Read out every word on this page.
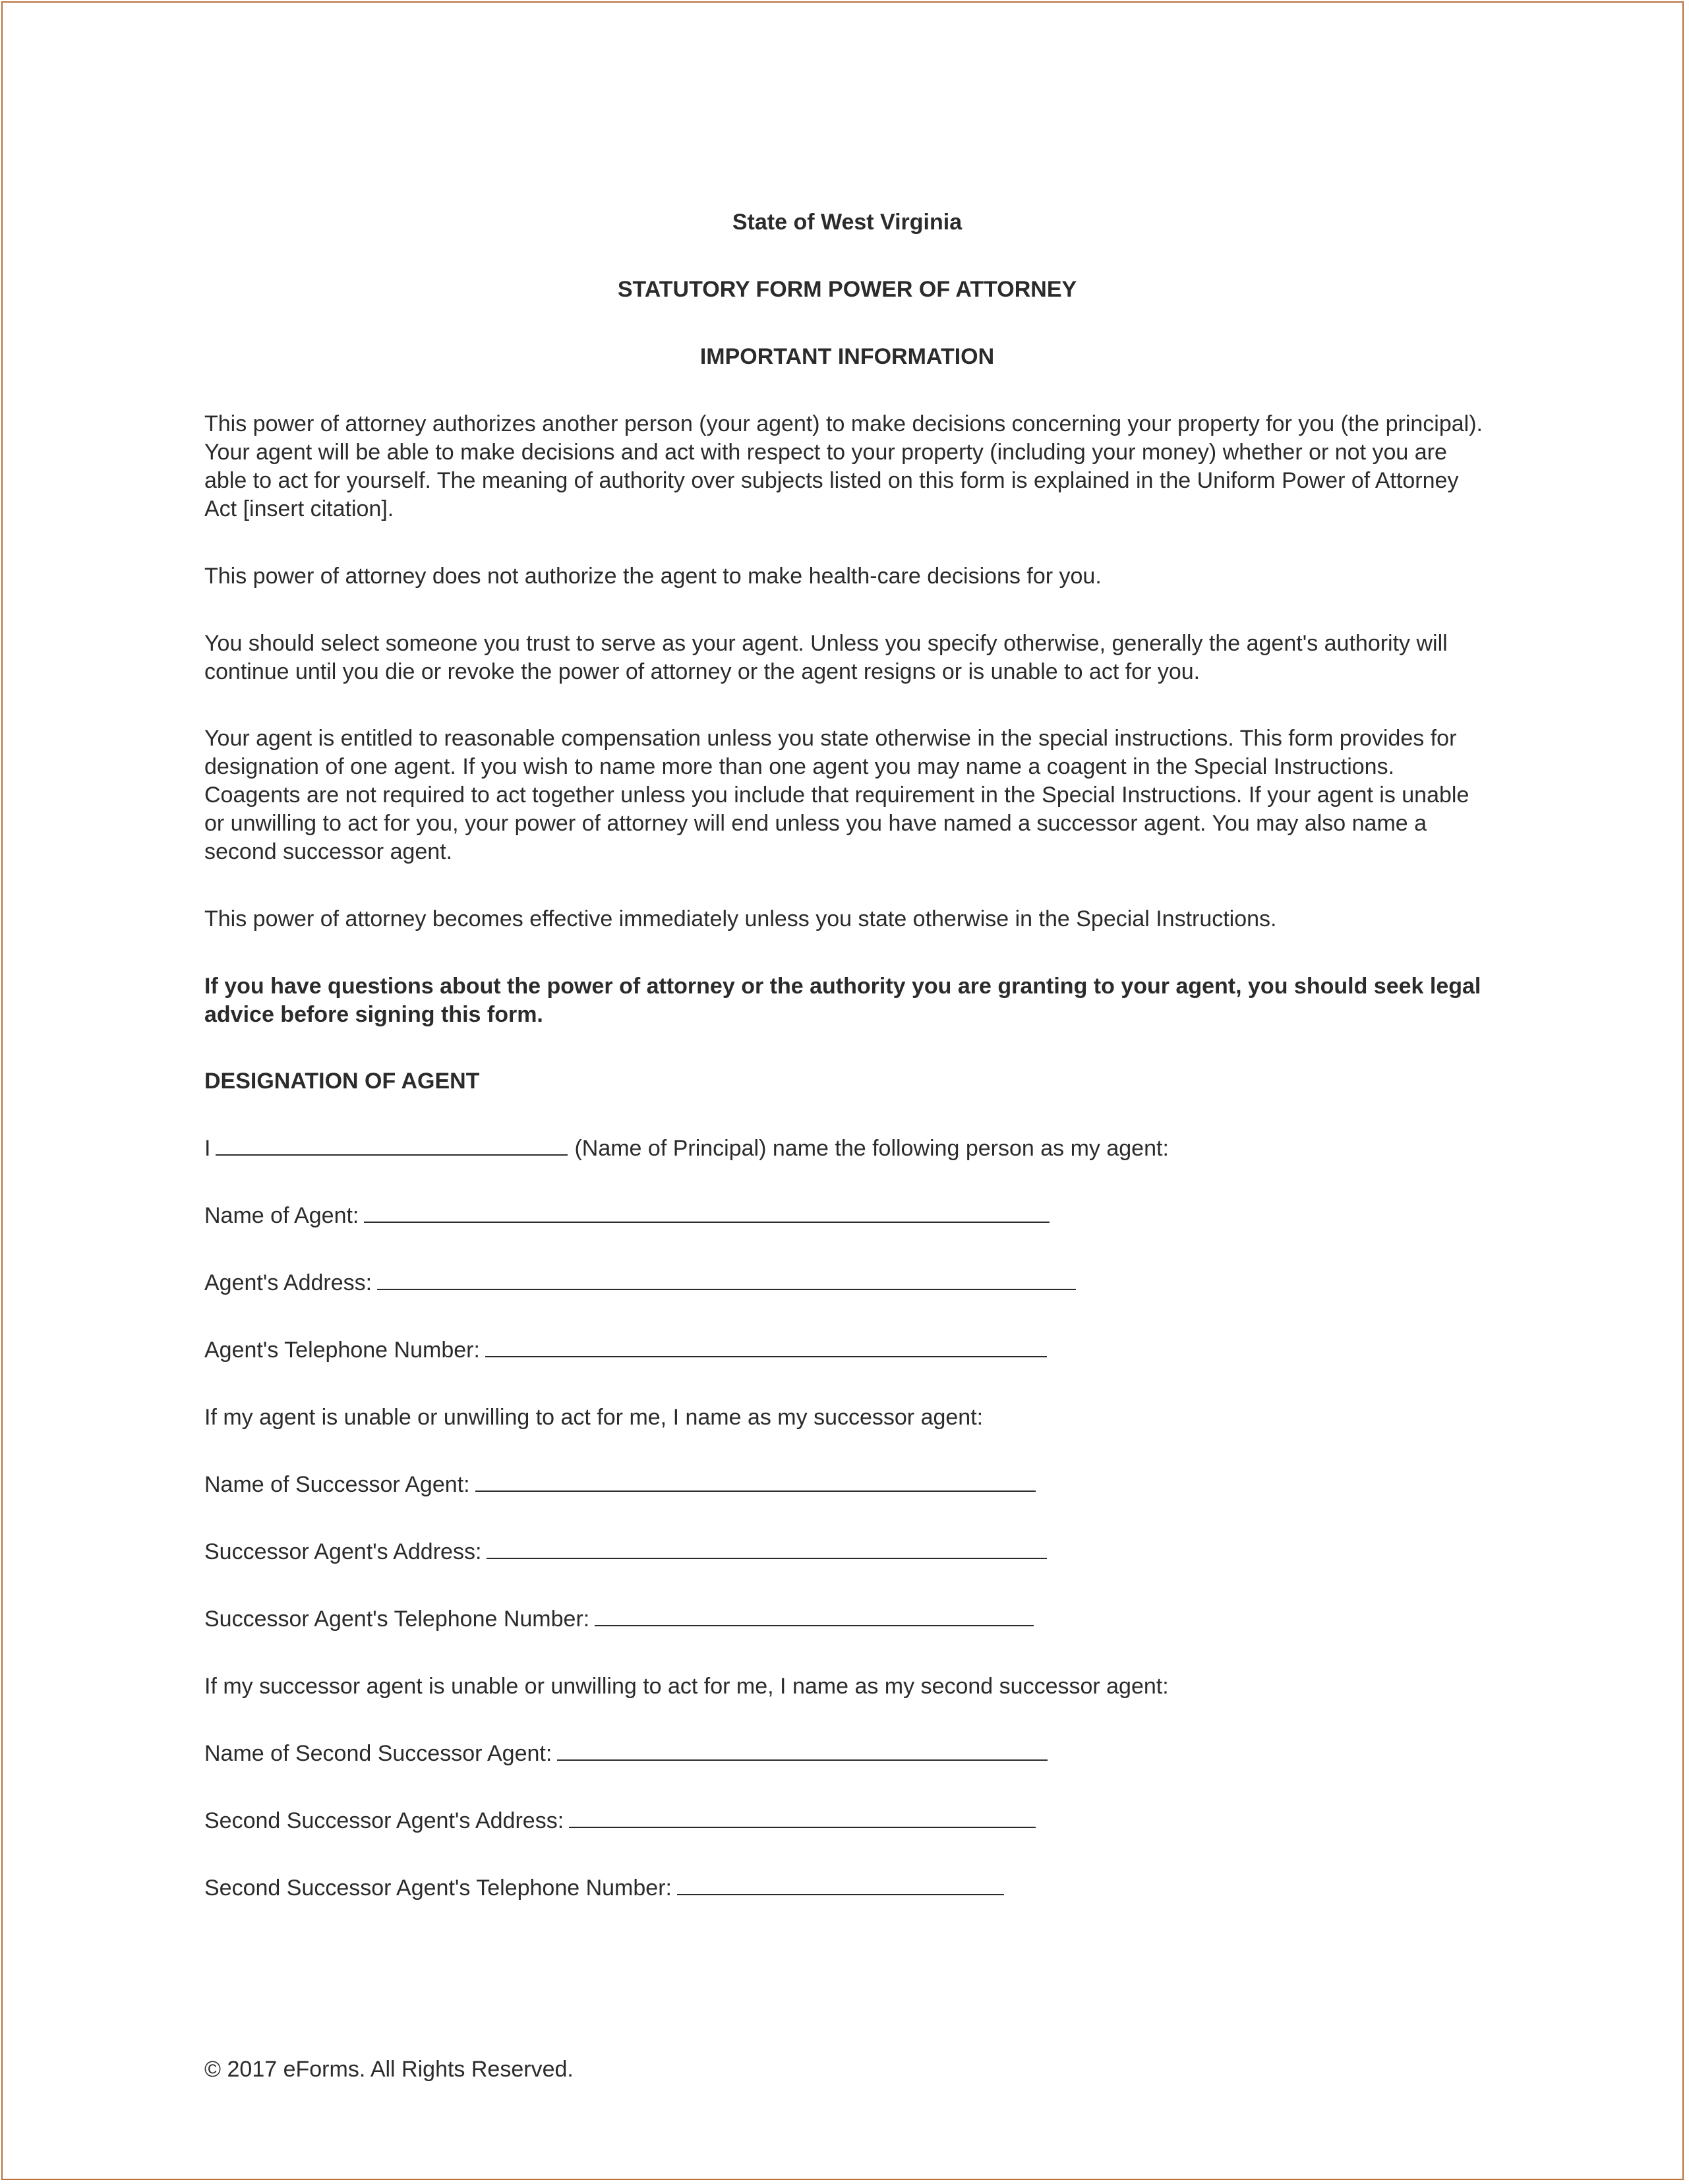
State of West Virginia
STATUTORY FORM POWER OF ATTORNEY
IMPORTANT INFORMATION
This power of attorney authorizes another person (your agent) to make decisions concerning your property for you (the principal). Your agent will be able to make decisions and act with respect to your property (including your money) whether or not you are able to act for yourself. The meaning of authority over subjects listed on this form is explained in the Uniform Power of Attorney Act [insert citation].
This power of attorney does not authorize the agent to make health-care decisions for you.
You should select someone you trust to serve as your agent. Unless you specify otherwise, generally the agent's authority will continue until you die or revoke the power of attorney or the agent resigns or is unable to act for you.
Your agent is entitled to reasonable compensation unless you state otherwise in the special instructions. This form provides for designation of one agent. If you wish to name more than one agent you may name a coagent in the Special Instructions. Coagents are not required to act together unless you include that requirement in the Special Instructions. If your agent is unable or unwilling to act for you, your power of attorney will end unless you have named a successor agent. You may also name a second successor agent.
This power of attorney becomes effective immediately unless you state otherwise in the Special Instructions.
If you have questions about the power of attorney or the authority you are granting to your agent, you should seek legal advice before signing this form.
DESIGNATION OF AGENT
I	(Name of Principal) name the following person as my agent:
Name of Agent:
Agent's Address:
Agent's Telephone Number:
If my agent is unable or unwilling to act for me, I name as my successor agent:
Name of Successor Agent:
Successor Agent's Address:
Successor Agent's Telephone Number:
If my successor agent is unable or unwilling to act for me, I name as my second successor agent:
Name of Second Successor Agent:
Second Successor Agent's Address:
Second Successor Agent's Telephone Number:
© 2017 eForms. All Rights Reserved.
